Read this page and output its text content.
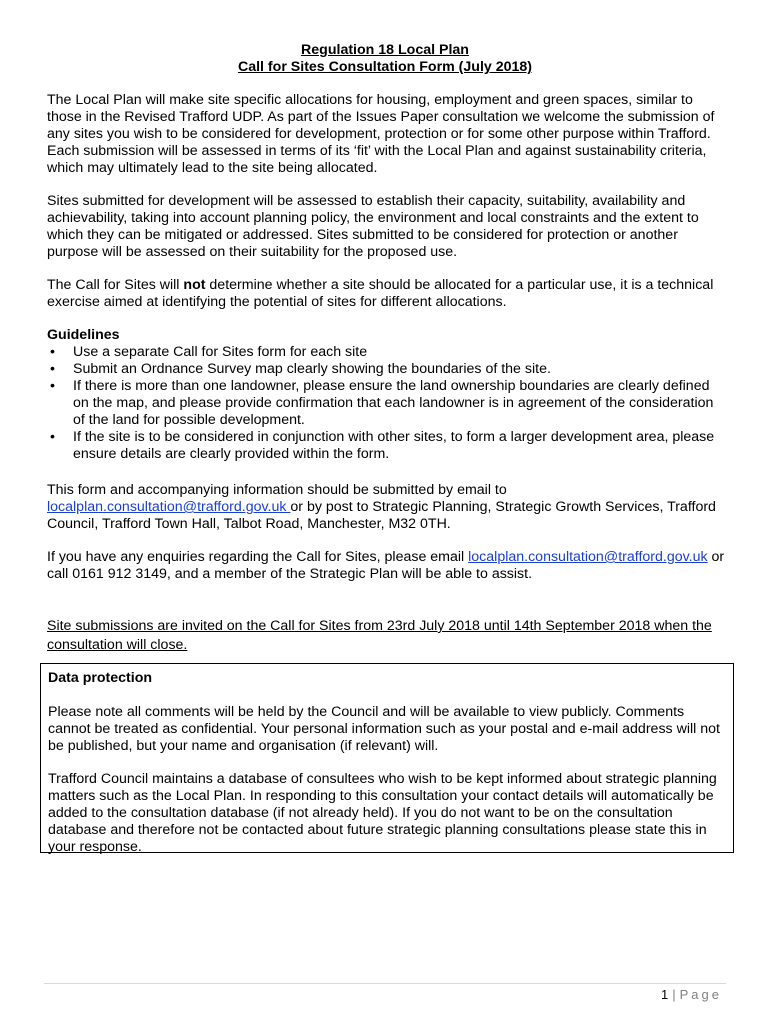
Regulation 18 Local Plan
Call for Sites Consultation Form (July 2018)

The Local Plan will make site specific allocations for housing, employment and green spaces, similar to those in the Revised Trafford UDP. As part of the Issues Paper consultation we welcome the submission of any sites you wish to be considered for development, protection or for some other purpose within Trafford. Each submission will be assessed in terms of its ‘fit’ with the Local Plan and against sustainability criteria, which may ultimately lead to the site being allocated.

Sites submitted for development will be assessed to establish their capacity, suitability, availability and achievability, taking into account planning policy, the environment and local constraints and the extent to which they can be mitigated or addressed. Sites submitted to be considered for protection or another purpose will be assessed on their suitability for the proposed use.

The Call for Sites will not determine whether a site should be allocated for a particular use, it is a technical exercise aimed at identifying the potential of sites for different allocations.

Guidelines
• Use a separate Call for Sites form for each site
• Submit an Ordnance Survey map clearly showing the boundaries of the site.
• If there is more than one landowner, please ensure the land ownership boundaries are clearly defined on the map, and please provide confirmation that each landowner is in agreement of the consideration of the land for possible development.
• If the site is to be considered in conjunction with other sites, to form a larger development area, please ensure details are clearly provided within the form.

This form and accompanying information should be submitted by email to localplan.consultation@trafford.gov.uk or by post to Strategic Planning, Strategic Growth Services, Trafford Council, Trafford Town Hall, Talbot Road, Manchester, M32 0TH.

If you have any enquiries regarding the Call for Sites, please email localplan.consultation@trafford.gov.uk or call 0161 912 3149, and a member of the Strategic Plan will be able to assist.

Site submissions are invited on the Call for Sites from 23rd July 2018 until 14th September 2018 when the consultation will close.

Data protection

Please note all comments will be held by the Council and will be available to view publicly. Comments cannot be treated as confidential. Your personal information such as your postal and e-mail address will not be published, but your name and organisation (if relevant) will.

Trafford Council maintains a database of consultees who wish to be kept informed about strategic planning matters such as the Local Plan. In responding to this consultation your contact details will automatically be added to the consultation database (if not already held). If you do not want to be on the consultation database and therefore not be contacted about future strategic planning consultations please state this in your response.

1 | Page
